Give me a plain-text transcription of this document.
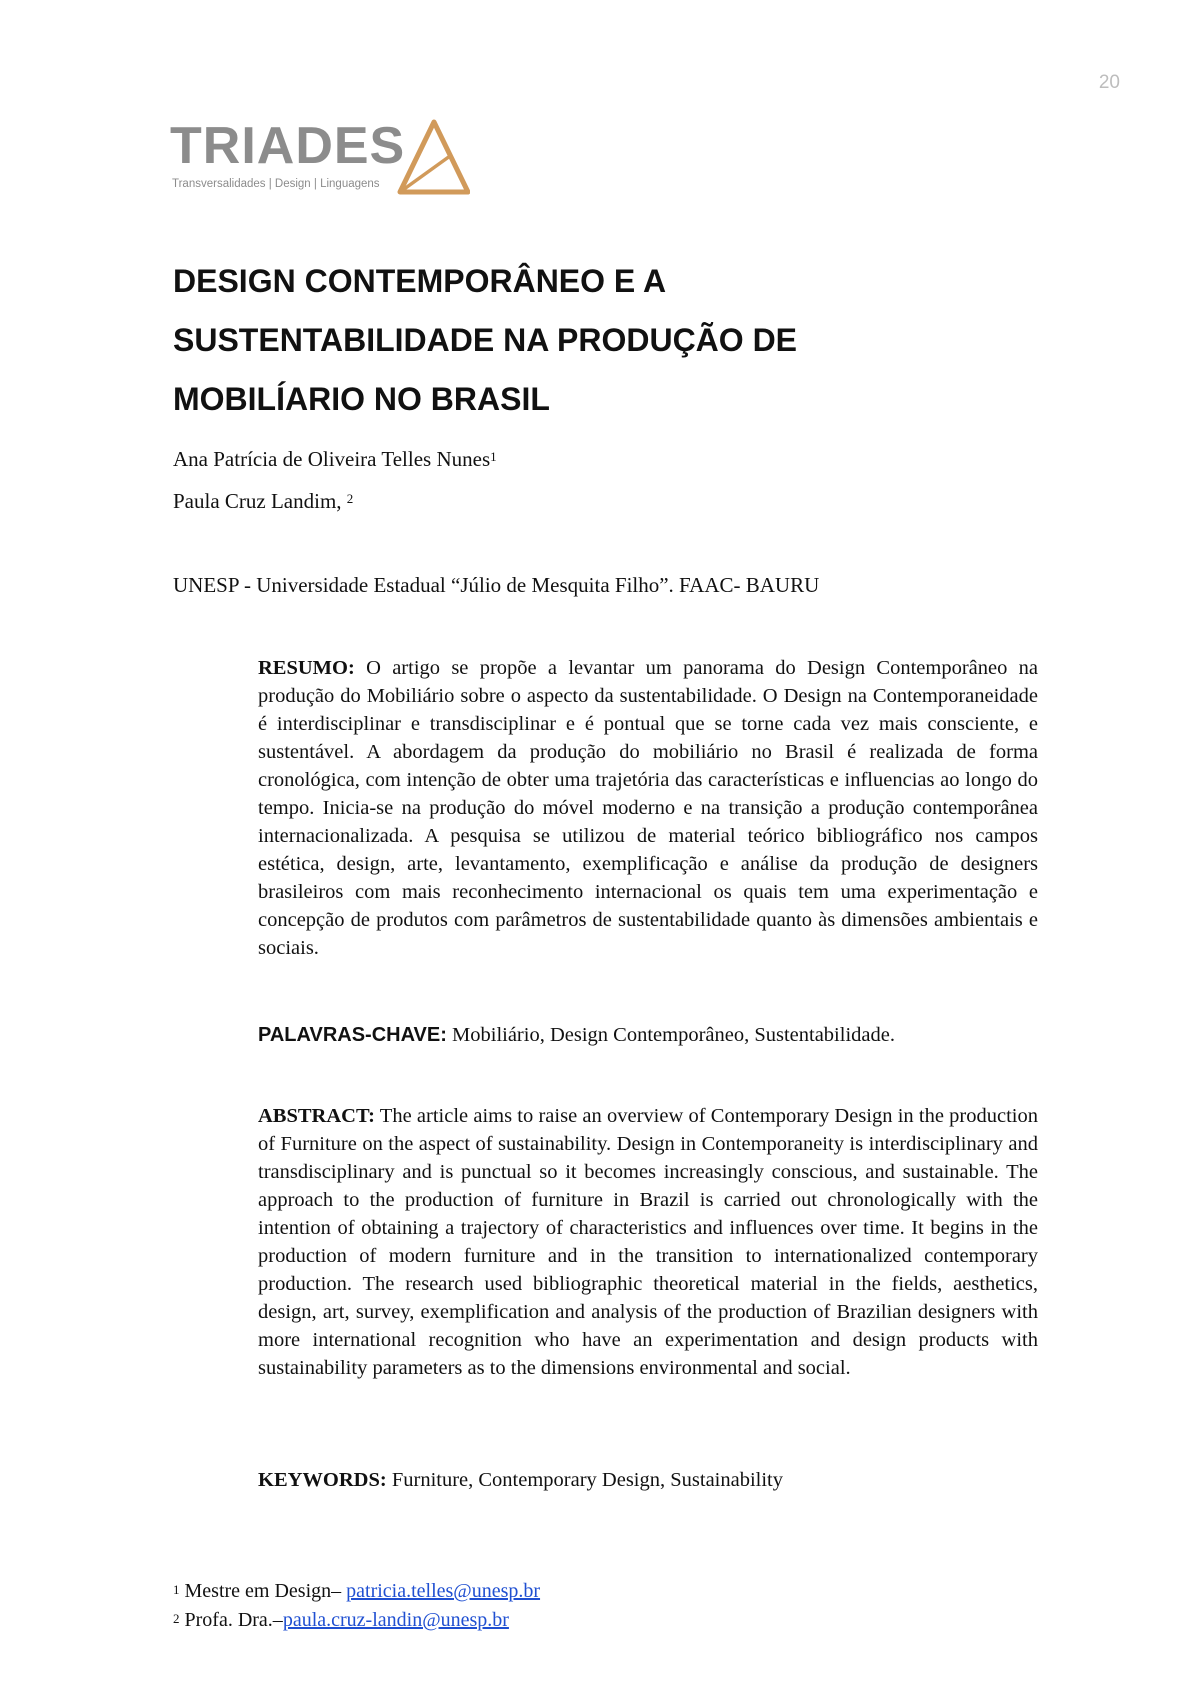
20
TRIADES
Transversalidades | Design | Linguagens
DESIGN CONTEMPORÂNEO E A
SUSTENTABILIDADE NA PRODUÇÃO DE
MOBILÍARIO NO BRASIL
Ana Patrícia de Oliveira Telles Nunes$^1$
Paula Cruz Landim, $^2$
UNESP - Universidade Estadual “Júlio de Mesquita Filho”. FAAC- BAURU

RESUMO: O artigo se propõe a levantar um panorama do Design Contemporâneo na produção do Mobiliário sobre o aspecto da sustentabilidade. O Design na Contemporaneidade é interdisciplinar e transdisciplinar e é pontual que se torne cada vez mais consciente, e sustentável. A abordagem da produção do mobiliário no Brasil é realizada de forma cronológica, com intenção de obter uma trajetória das características e influencias ao longo do tempo. Inicia-se na produção do móvel moderno e na transição a produção contemporânea internacionalizada. A pesquisa se utilizou de material teórico bibliográfico nos campos estética, design, arte, levantamento, exemplificação e análise da produção de designers brasileiros com mais reconhecimento internacional os quais tem uma experimentação e concepção de produtos com parâmetros de sustentabilidade quanto às dimensões ambientais e sociais.

PALAVRAS-CHAVE: Mobiliário, Design Contemporâneo, Sustentabilidade.

ABSTRACT: The article aims to raise an overview of Contemporary Design in the production of Furniture on the aspect of sustainability. Design in Contemporaneity is interdisciplinary and transdisciplinary and is punctual so it becomes increasingly conscious, and sustainable. The approach to the production of furniture in Brazil is carried out chronologically with the intention of obtaining a trajectory of characteristics and influences over time. It begins in the production of modern furniture and in the transition to internationalized contemporary production. The research used bibliographic theoretical material in the fields, aesthetics, design, art, survey, exemplification and analysis of the production of Brazilian designers with more international recognition who have an experimentation and design products with sustainability parameters as to the dimensions environmental and social.

KEYWORDS: Furniture, Contemporary Design, Sustainability
$^1$ Mestre em Design– patricia.telles@unesp.br
$^2$ Profa. Dra.–paula.cruz-landin@unesp.br
